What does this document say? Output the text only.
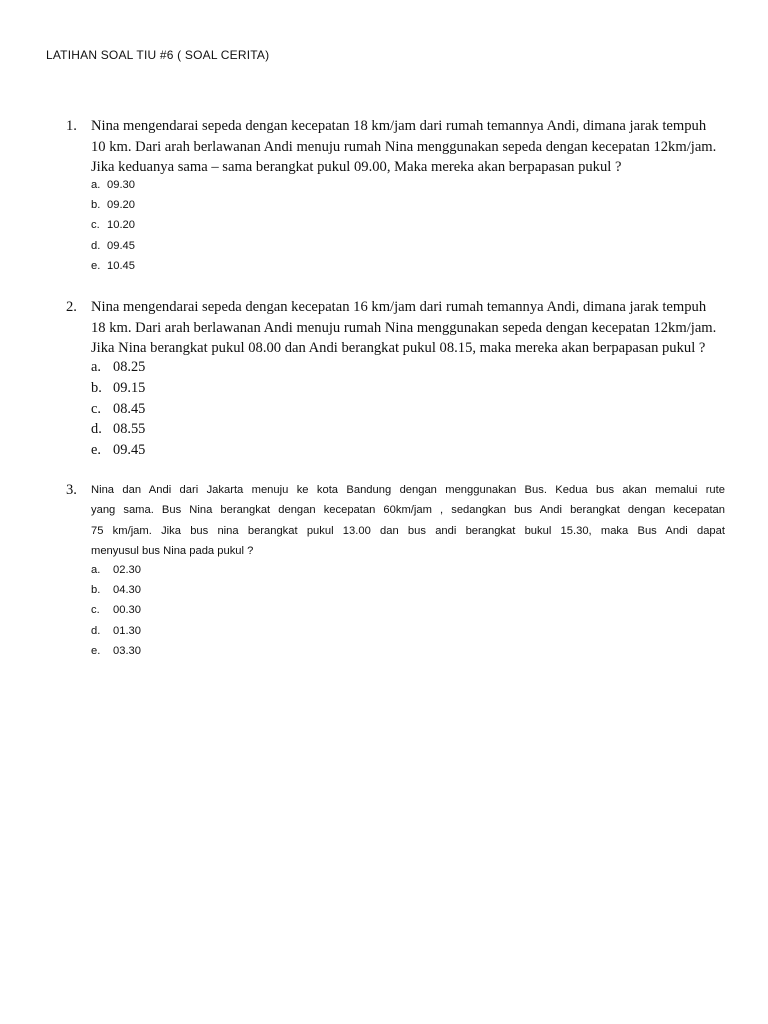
LATIHAN SOAL TIU #6 ( SOAL CERITA)
1. Nina mengendarai sepeda dengan kecepatan 18 km/jam dari rumah temannya Andi, dimana jarak tempuh
10 km. Dari arah berlawanan Andi menuju rumah Nina menggunakan sepeda dengan kecepatan 12km/jam.
Jika keduanya sama – sama berangkat pukul 09.00, Maka mereka akan berpapasan pukul ?
a. 09.30
b. 09.20
c. 10.20
d. 09.45
e. 10.45
2. Nina mengendarai sepeda dengan kecepatan 16 km/jam dari rumah temannya Andi, dimana jarak tempuh
18 km. Dari arah berlawanan Andi menuju rumah Nina menggunakan sepeda dengan kecepatan 12km/jam.
Jika Nina berangkat pukul 08.00 dan Andi berangkat pukul 08.15, maka mereka akan berpapasan pukul ?
a. 08.25
b. 09.15
c. 08.45
d. 08.55
e. 09.45
3. Nina dan Andi dari Jakarta menuju ke kota Bandung dengan menggunakan Bus. Kedua bus akan memalui rute
yang sama. Bus Nina berangkat dengan kecepatan 60km/jam , sedangkan bus Andi berangkat dengan kecepatan
75 km/jam. Jika bus nina berangkat pukul 13.00 dan bus andi berangkat bukul 15.30, maka Bus Andi dapat
menyusul bus Nina pada pukul ?
a. 02.30
b. 04.30
c. 00.30
d. 01.30
e. 03.30
